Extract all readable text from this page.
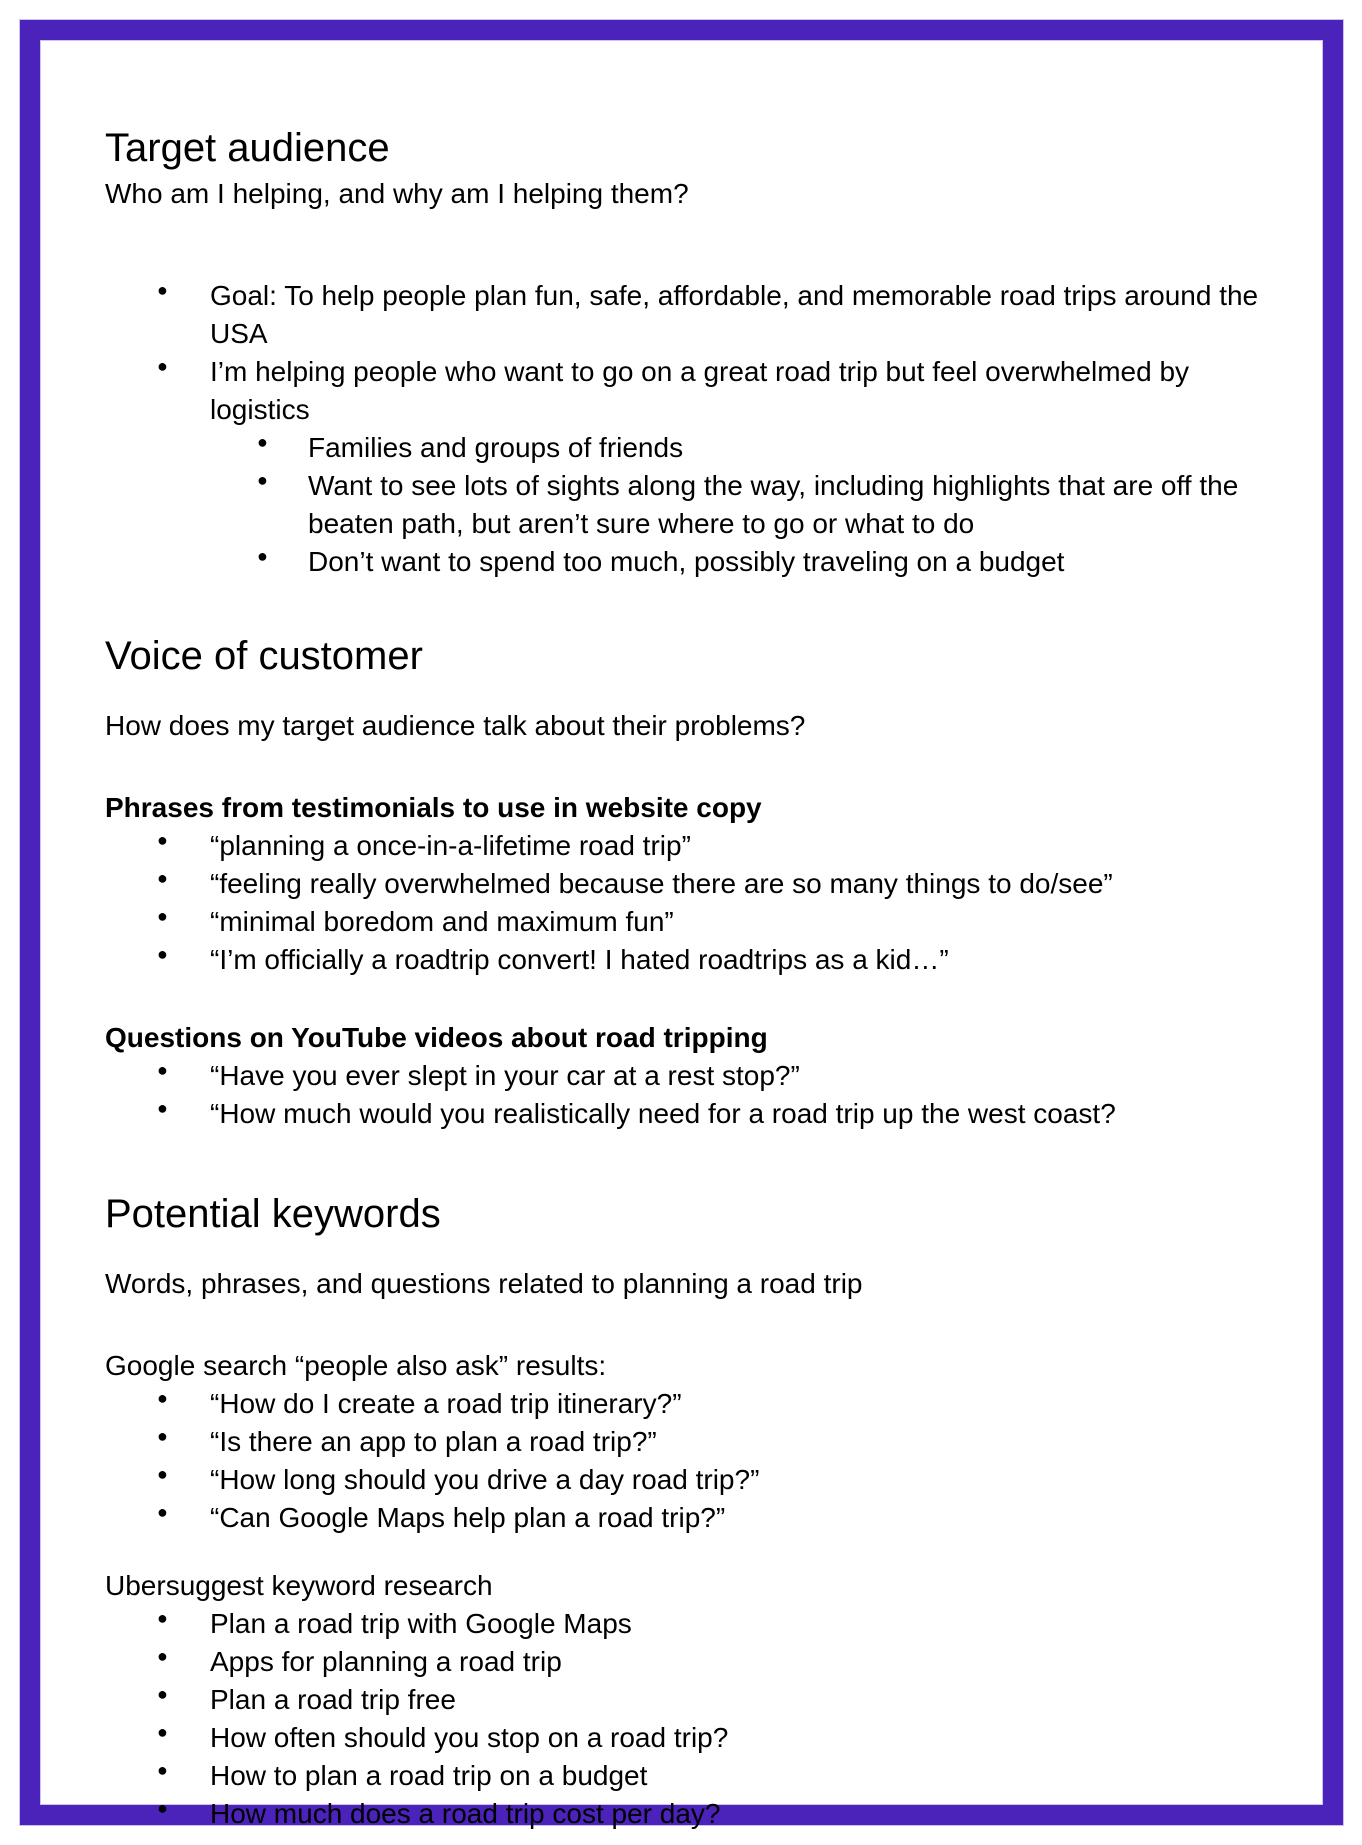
Target audience

Who am I helping, and why am I helping them?

● Goal: To help people plan fun, safe, affordable, and memorable road trips around the USA
● I’m helping people who want to go on a great road trip but feel overwhelmed by logistics
● Families and groups of friends
● Want to see lots of sights along the way, including highlights that are off the beaten path, but aren’t sure where to go or what to do
● Don’t want to spend too much, possibly traveling on a budget
Voice of customer

How does my target audience talk about their problems?

Phrases from testimonials to use in website copy

● “planning a once-in-a-lifetime road trip”
● “feeling really overwhelmed because there are so many things to do/see”
● “minimal boredom and maximum fun”
● “I’m officially a roadtrip convert! I hated roadtrips as a kid…”

Questions on YouTube videos about road tripping

● “Have you ever slept in your car at a rest stop?”
● “How much would you realistically need for a road trip up the west coast?
Potential keywords

Words, phrases, and questions related to planning a road trip

Google search “people also ask” results:

● “How do I create a road trip itinerary?”
● “Is there an app to plan a road trip?”
● “How long should you drive a day road trip?”
● “Can Google Maps help plan a road trip?”

Ubersuggest keyword research

● Plan a road trip with Google Maps
● Apps for planning a road trip
● Plan a road trip free
● How often should you stop on a road trip?
● How to plan a road trip on a budget
● How much does a road trip cost per day?
